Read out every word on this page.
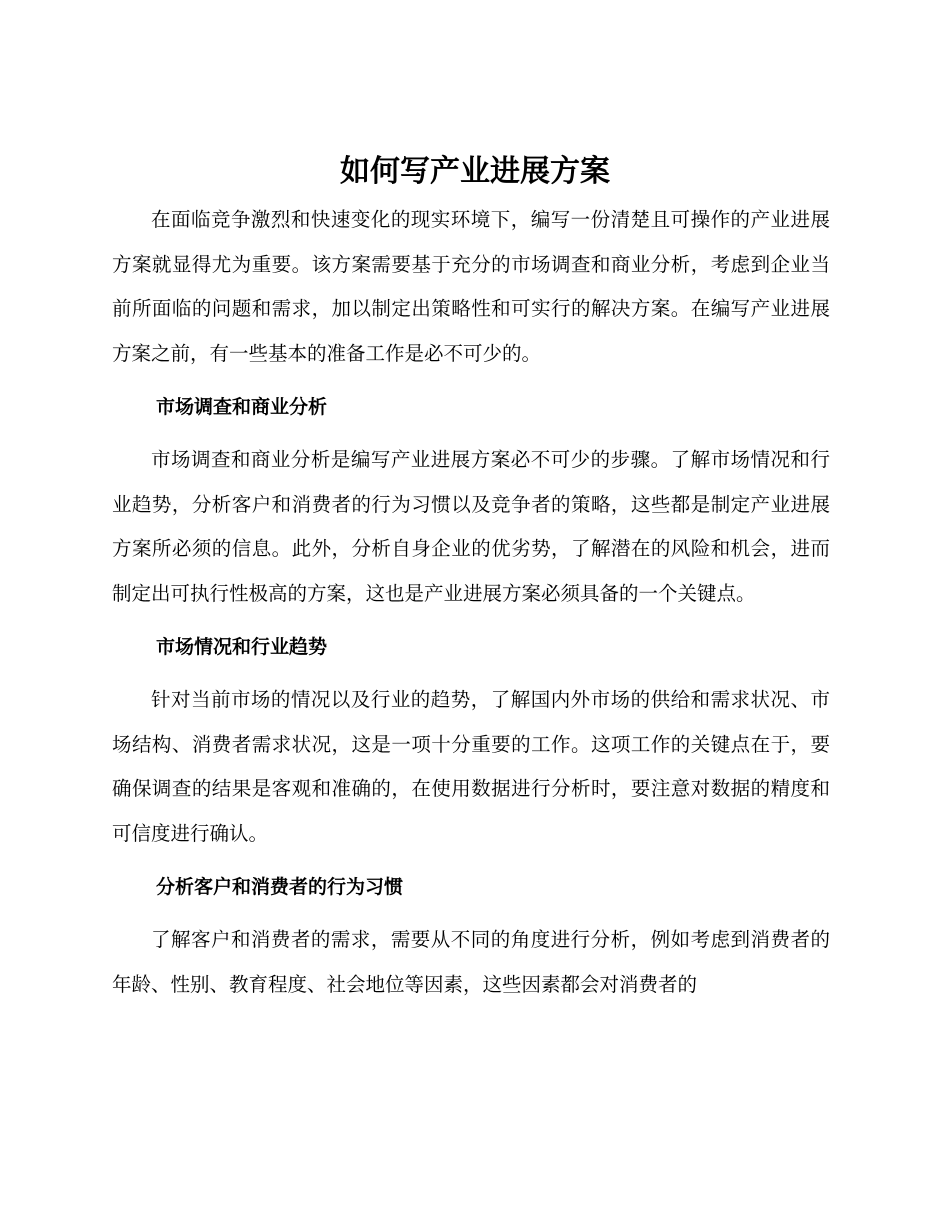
如何写产业进展方案

在面临竞争激烈和快速变化的现实环境下，编写一份清楚且可操作的产业进展方案就显得尤为重要。该方案需要基于充分的市场调查和商业分析，考虑到企业当前所面临的问题和需求，加以制定出策略性和可实行的解决方案。在编写产业进展方案之前，有一些基本的准备工作是必不可少的。

市场调查和商业分析

市场调查和商业分析是编写产业进展方案必不可少的步骤。了解市场情况和行业趋势，分析客户和消费者的行为习惯以及竞争者的策略，这些都是制定产业进展方案所必须的信息。此外，分析自身企业的优劣势，了解潜在的风险和机会，进而制定出可执行性极高的方案，这也是产业进展方案必须具备的一个关键点。

市场情况和行业趋势

针对当前市场的情况以及行业的趋势，了解国内外市场的供给和需求状况、市场结构、消费者需求状况，这是一项十分重要的工作。这项工作的关键点在于，要确保调查的结果是客观和准确的，在使用数据进行分析时，要注意对数据的精度和可信度进行确认。

分析客户和消费者的行为习惯

了解客户和消费者的需求，需要从不同的角度进行分析，例如考虑到消费者的年龄、性别、教育程度、社会地位等因素，这些因素都会对消费者的
